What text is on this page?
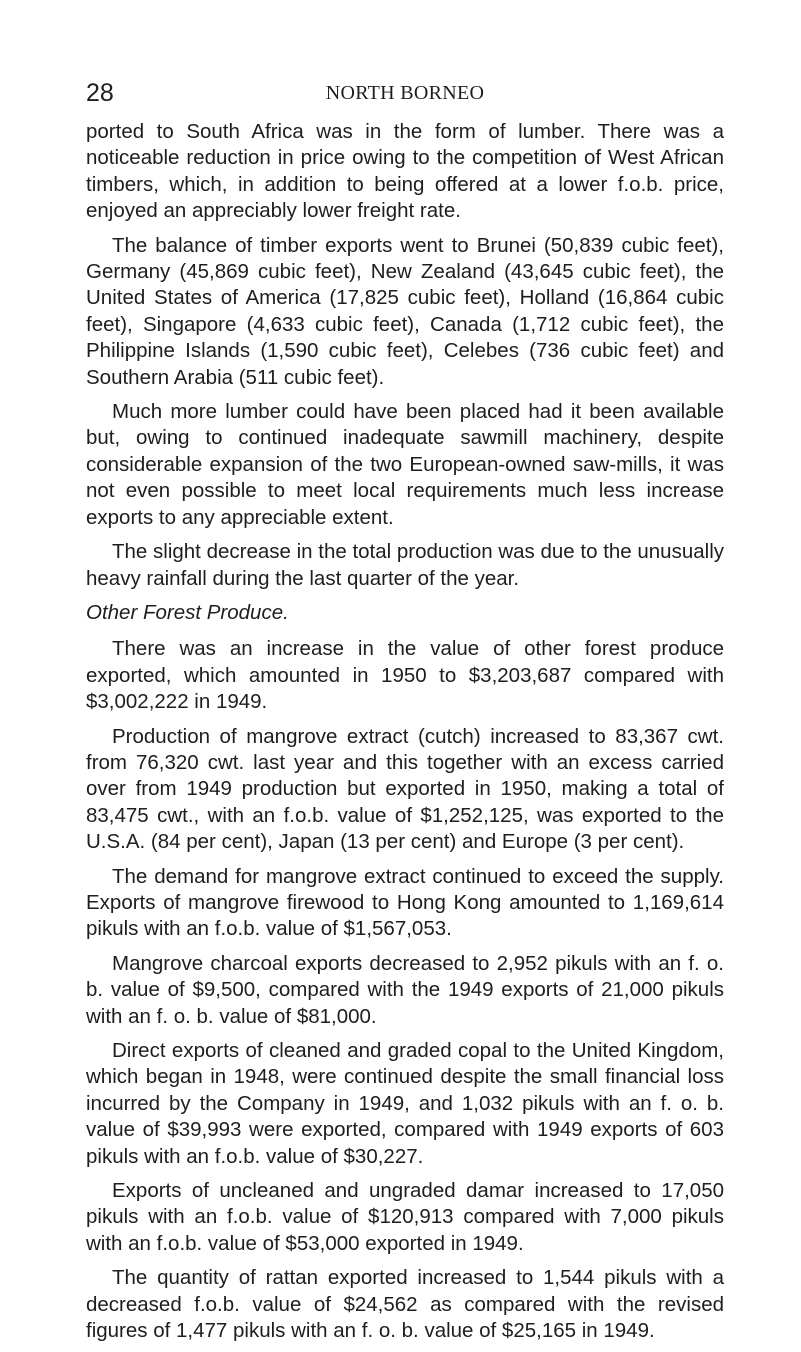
28	NORTH BORNEO

ported to South Africa was in the form of lumber. There was a noticeable reduction in price owing to the competition of West African timbers, which, in addition to being offered at a lower f.o.b. price, enjoyed an appreciably lower freight rate.

The balance of timber exports went to Brunei (50,839 cubic feet), Germany (45,869 cubic feet), New Zealand (43,645 cubic feet), the United States of America (17,825 cubic feet), Holland (16,864 cubic feet), Singapore (4,633 cubic feet), Canada (1,712 cubic feet), the Philippine Islands (1,590 cubic feet), Celebes (736 cubic feet) and Southern Arabia (511 cubic feet).

Much more lumber could have been placed had it been available but, owing to continued inadequate sawmill machinery, despite considerable expansion of the two European-owned saw-mills, it was not even possible to meet local requirements much less increase exports to any appreciable extent.

The slight decrease in the total production was due to the unusually heavy rainfall during the last quarter of the year.

Other Forest Produce.

There was an increase in the value of other forest produce exported, which amounted in 1950 to $3,203,687 compared with $3,002,222 in 1949.

Production of mangrove extract (cutch) increased to 83,367 cwt. from 76,320 cwt. last year and this together with an excess carried over from 1949 production but exported in 1950, making a total of 83,475 cwt., with an f.o.b. value of $1,252,125, was exported to the U.S.A. (84 per cent), Japan (13 per cent) and Europe (3 per cent).

The demand for mangrove extract continued to exceed the supply. Exports of mangrove firewood to Hong Kong amounted to 1,169,614 pikuls with an f.o.b. value of $1,567,053.

Mangrove charcoal exports decreased to 2,952 pikuls with an f. o. b. value of $9,500, compared with the 1949 exports of 21,000 pikuls with an f. o. b. value of $81,000.

Direct exports of cleaned and graded copal to the United Kingdom, which began in 1948, were continued despite the small financial loss incurred by the Company in 1949, and 1,032 pikuls with an f. o. b. value of $39,993 were exported, compared with 1949 exports of 603 pikuls with an f.o.b. value of $30,227.

Exports of uncleaned and ungraded damar increased to 17,050 pikuls with an f.o.b. value of $120,913 compared with 7,000 pikuls with an f.o.b. value of $53,000 exported in 1949.

The quantity of rattan exported increased to 1,544 pikuls with a decreased f.o.b. value of $24,562 as compared with the revised figures of 1,477 pikuls with an f. o. b. value of $25,165 in 1949.
